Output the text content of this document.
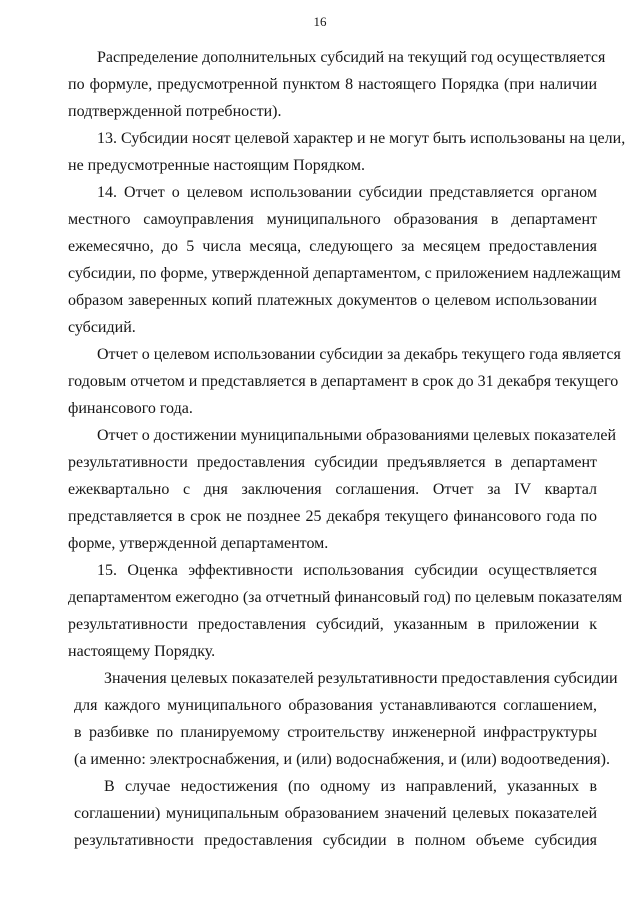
16
Распределение дополнительных субсидий на текущий год осуществляется
по формуле, предусмотренной пунктом 8 настоящего Порядка (при наличии
подтвержденной потребности).
13. Субсидии носят целевой характер и не могут быть использованы на цели,
не предусмотренные настоящим Порядком.
14. Отчет о целевом использовании субсидии представляется органом
местного самоуправления муниципального образования в департамент
ежемесячно, до 5 числа месяца, следующего за месяцем предоставления
субсидии, по форме, утвержденной департаментом, с приложением надлежащим
образом заверенных копий платежных документов о целевом использовании
субсидий.
Отчет о целевом использовании субсидии за декабрь текущего года является
годовым отчетом и представляется в департамент в срок до 31 декабря текущего
финансового года.
Отчет о достижении муниципальными образованиями целевых показателей
результативности предоставления субсидии предъявляется в департамент
ежеквартально с дня заключения соглашения. Отчет за IV квартал
представляется в срок не позднее 25 декабря текущего финансового года по
форме, утвержденной департаментом.
15. Оценка эффективности использования субсидии осуществляется
департаментом ежегодно (за отчетный финансовый год) по целевым показателям
результативности предоставления субсидий, указанным в приложении к
настоящему Порядку.
Значения целевых показателей результативности предоставления субсидии
для каждого муниципального образования устанавливаются соглашением,
в разбивке по планируемому строительству инженерной инфраструктуры
(а именно: электроснабжения, и (или) водоснабжения, и (или) водоотведения).
В случае недостижения (по одному из направлений, указанных в
соглашении) муниципальным образованием значений целевых показателей
результативности предоставления субсидии в полном объеме субсидия
